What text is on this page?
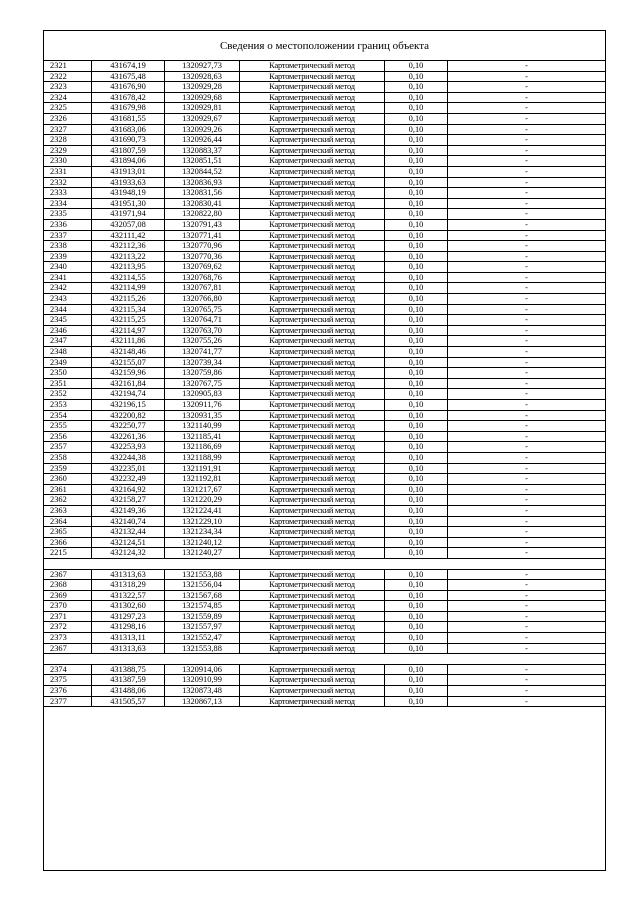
Сведения о местоположении границ объекта
2321	431674,19	1320927,73	Картометрический метод	0,10	-
2322	431675,48	1320928,63	Картометрический метод	0,10	-
2323	431676,90	1320929,28	Картометрический метод	0,10	-
2324	431678,42	1320929,68	Картометрический метод	0,10	-
2325	431679,98	1320929,81	Картометрический метод	0,10	-
2326	431681,55	1320929,67	Картометрический метод	0,10	-
2327	431683,06	1320929,26	Картометрический метод	0,10	-
2328	431690,73	1320926,44	Картометрический метод	0,10	-
2329	431807,59	1320883,37	Картометрический метод	0,10	-
2330	431894,06	1320851,51	Картометрический метод	0,10	-
2331	431913,01	1320844,52	Картометрический метод	0,10	-
2332	431933,63	1320836,93	Картометрический метод	0,10	-
2333	431948,19	1320831,56	Картометрический метод	0,10	-
2334	431951,30	1320830,41	Картометрический метод	0,10	-
2335	431971,94	1320822,80	Картометрический метод	0,10	-
2336	432057,08	1320791,43	Картометрический метод	0,10	-
2337	432111,42	1320771,41	Картометрический метод	0,10	-
2338	432112,36	1320770,96	Картометрический метод	0,10	-
2339	432113,22	1320770,36	Картометрический метод	0,10	-
2340	432113,95	1320769,62	Картометрический метод	0,10	-
2341	432114,55	1320768,76	Картометрический метод	0,10	-
2342	432114,99	1320767,81	Картометрический метод	0,10	-
2343	432115,26	1320766,80	Картометрический метод	0,10	-
2344	432115,34	1320765,75	Картометрический метод	0,10	-
2345	432115,25	1320764,71	Картометрический метод	0,10	-
2346	432114,97	1320763,70	Картометрический метод	0,10	-
2347	432111,86	1320755,26	Картометрический метод	0,10	-
2348	432148,46	1320741,77	Картометрический метод	0,10	-
2349	432155,07	1320739,34	Картометрический метод	0,10	-
2350	432159,96	1320759,86	Картометрический метод	0,10	-
2351	432161,84	1320767,75	Картометрический метод	0,10	-
2352	432194,74	1320905,83	Картометрический метод	0,10	-
2353	432196,15	1320911,76	Картометрический метод	0,10	-
2354	432200,82	1320931,35	Картометрический метод	0,10	-
2355	432250,77	1321140,99	Картометрический метод	0,10	-
2356	432261,36	1321185,41	Картометрический метод	0,10	-
2357	432253,93	1321186,69	Картометрический метод	0,10	-
2358	432244,38	1321188,99	Картометрический метод	0,10	-
2359	432235,01	1321191,91	Картометрический метод	0,10	-
2360	432232,49	1321192,81	Картометрический метод	0,10	-
2361	432164,92	1321217,67	Картометрический метод	0,10	-
2362	432158,27	1321220,29	Картометрический метод	0,10	-
2363	432149,36	1321224,41	Картометрический метод	0,10	-
2364	432140,74	1321229,10	Картометрический метод	0,10	-
2365	432132,44	1321234,34	Картометрический метод	0,10	-
2366	432124,51	1321240,12	Картометрический метод	0,10	-
2215	432124,32	1321240,27	Картометрический метод	0,10	-
2367	431313,63	1321553,88	Картометрический метод	0,10	-
2368	431318,29	1321556,04	Картометрический метод	0,10	-
2369	431322,57	1321567,68	Картометрический метод	0,10	-
2370	431302,60	1321574,85	Картометрический метод	0,10	-
2371	431297,23	1321559,89	Картометрический метод	0,10	-
2372	431298,16	1321557,97	Картометрический метод	0,10	-
2373	431313,11	1321552,47	Картометрический метод	0,10	-
2367	431313,63	1321553,88	Картометрический метод	0,10	-
2374	431388,75	1320914,06	Картометрический метод	0,10	-
2375	431387,59	1320910,99	Картометрический метод	0,10	-
2376	431488,06	1320873,48	Картометрический метод	0,10	-
2377	431505,57	1320867,13	Картометрический метод	0,10	-
